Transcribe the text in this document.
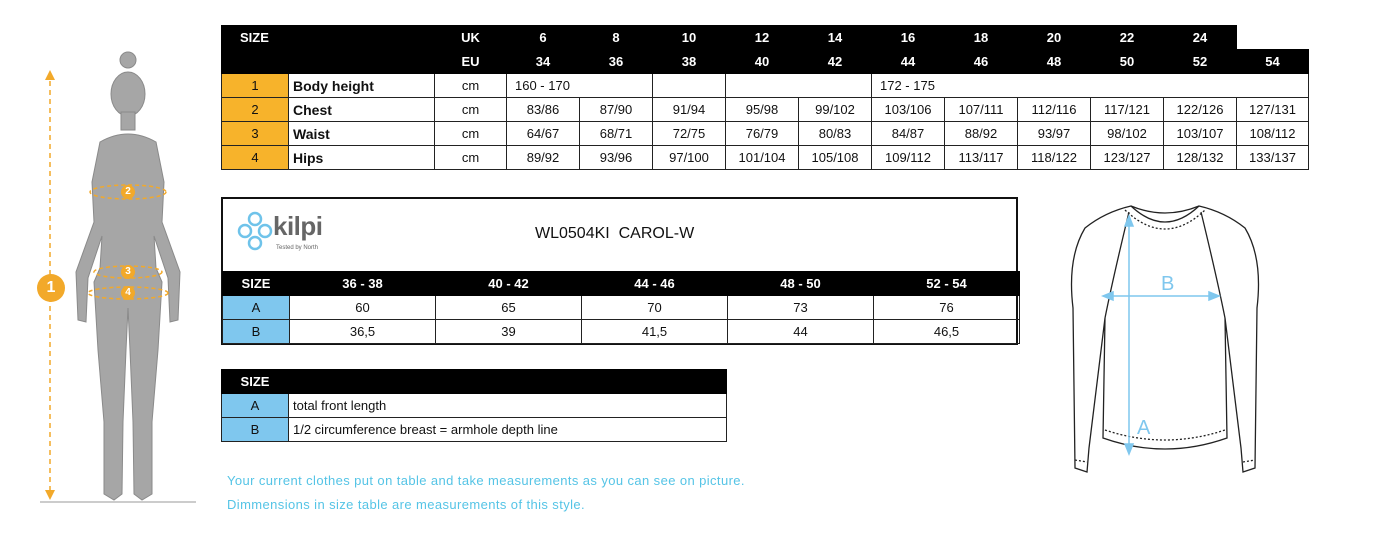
1
2
3
4
SIZE			UK	6	8	10	12	14	16	18	20	22	24	
			EU	34	36	38	40	42	44	46	48	50	52	54
1	Body height		cm	160 - 170					172 - 175					
2	Chest		cm	83/86	87/90	91/94	95/98	99/102	103/106	107/111	112/116	117/121	122/126	127/131
3	Waist		cm	64/67	68/71	72/75	76/79	80/83	84/87	88/92	93/97	98/102	103/107	108/112
4	Hips		cm	89/92	93/96	97/100	101/104	105/108	109/112	113/117	118/122	123/127	128/132	133/137
kilpi
Tested by North
WL0504KI CAROL-W
SIZE	36 - 38	40 - 42	44 - 46	48 - 50	52 - 54
A	60	65	70	73	76
B	36,5	39	41,5	44	46,5
SIZE	
A	total front length
B	1/2 circumference breast = armhole depth line
Your current clothes put on table and take measurements as you can see on picture.
Dimmensions in size table are measurements of this style.
B
A
